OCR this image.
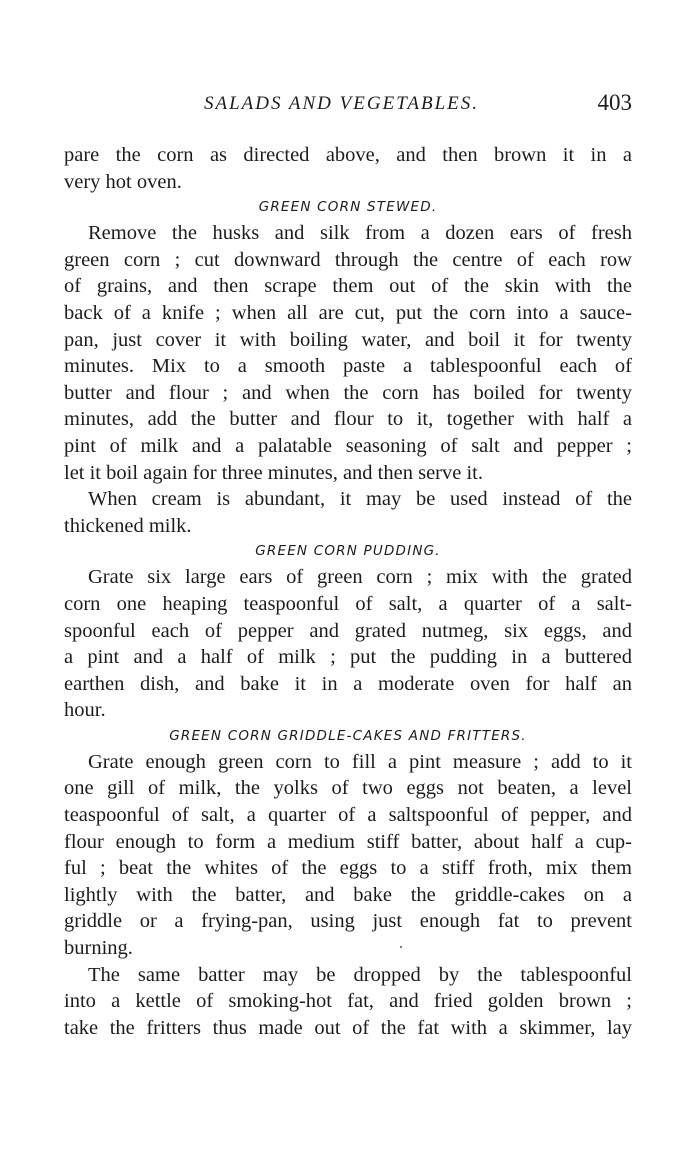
SALADS AND VEGETABLES.	403
pare the corn as directed above, and then brown it in a
very hot oven.
GREEN CORN STEWED.
Remove the husks and silk from a dozen ears of fresh
green corn ; cut downward through the centre of each row
of grains, and then scrape them out of the skin with the
back of a knife ; when all are cut, put the corn into a sauce-
pan, just cover it with boiling water, and boil it for twenty
minutes. Mix to a smooth paste a tablespoonful each of
butter and flour ; and when the corn has boiled for twenty
minutes, add the butter and flour to it, together with half a
pint of milk and a palatable seasoning of salt and pepper ;
let it boil again for three minutes, and then serve it.
When cream is abundant, it may be used instead of the
thickened milk.
GREEN CORN PUDDING.
Grate six large ears of green corn ; mix with the grated
corn one heaping teaspoonful of salt, a quarter of a salt-
spoonful each of pepper and grated nutmeg, six eggs, and
a pint and a half of milk ; put the pudding in a buttered
earthen dish, and bake it in a moderate oven for half an
hour.
GREEN CORN GRIDDLE-CAKES AND FRITTERS.
Grate enough green corn to fill a pint measure ; add to it
one gill of milk, the yolks of two eggs not beaten, a level
teaspoonful of salt, a quarter of a saltspoonful of pepper, and
flour enough to form a medium stiff batter, about half a cup-
ful ; beat the whites of the eggs to a stiff froth, mix them
lightly with the batter, and bake the griddle-cakes on a
griddle or a frying-pan, using just enough fat to prevent
burning.
The same batter may be dropped by the tablespoonful
into a kettle of smoking-hot fat, and fried golden brown ;
take the fritters thus made out of the fat with a skimmer, lay
